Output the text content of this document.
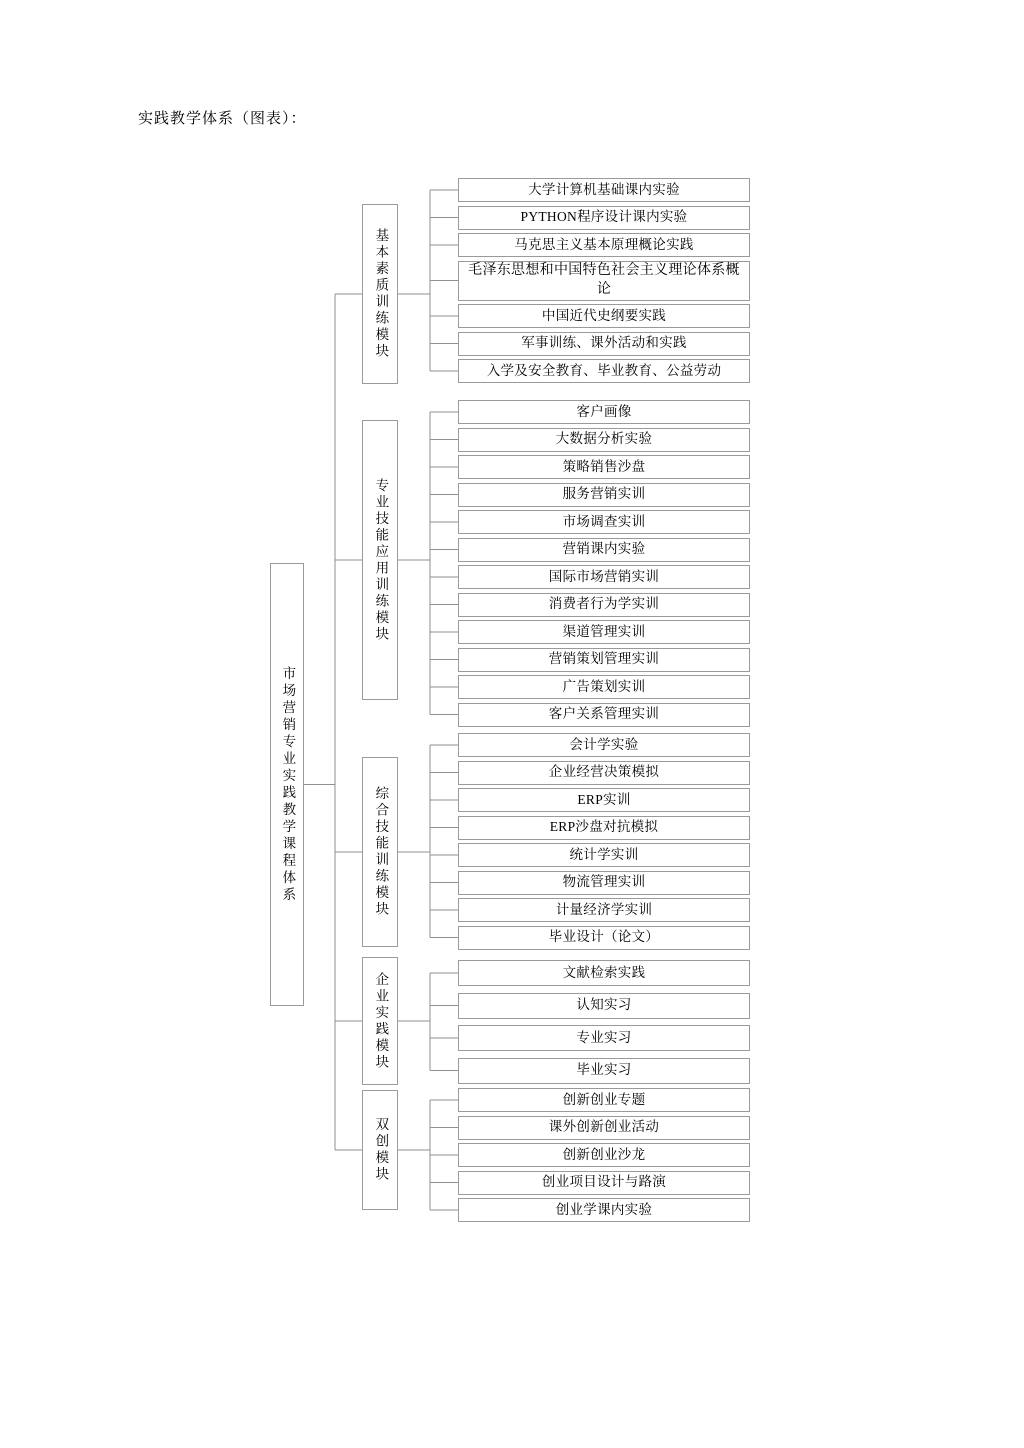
实践教学体系（图表）：
大学计算机基础课内实验
PYTHON程序设计课内实验
马克思主义基本原理概论实践
毛泽东思想和中国特色社会主义理论体系概论
中国近代史纲要实践
军事训练、课外活动和实践
入学及安全教育、毕业教育、公益劳动
基本素质训练模块
客户画像
大数据分析实验
策略销售沙盘
服务营销实训
市场调查实训
营销课内实验
国际市场营销实训
消费者行为学实训
渠道管理实训
营销策划管理实训
广告策划实训
客户关系管理实训
专业技能应用训练模块
会计学实验
企业经营决策模拟
ERP实训
ERP沙盘对抗模拟
统计学实训
物流管理实训
计量经济学实训
毕业设计（论文）
综合技能训练模块
文献检索实践
认知实习
专业实习
毕业实习
企业实践模块
创新创业专题
课外创新创业活动
创新创业沙龙
创业项目设计与路演
创业学课内实验
双创模块
市场营销专业实践教学课程体系
